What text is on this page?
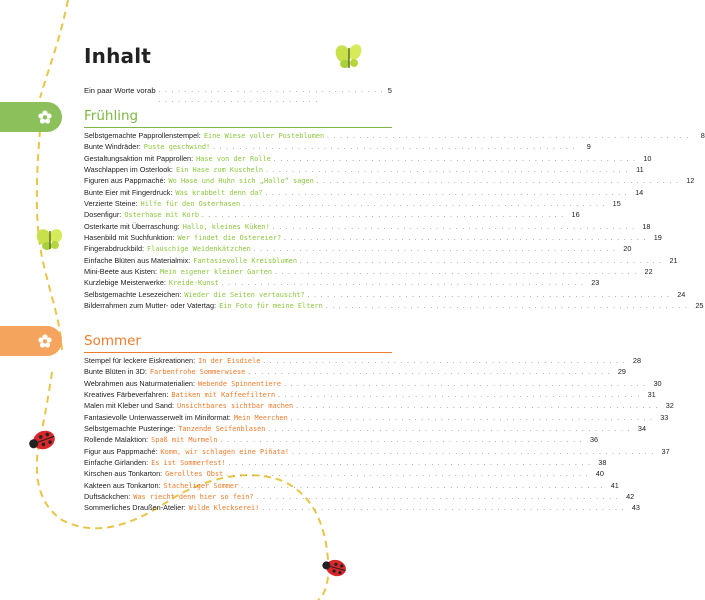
Inhalt
Ein paar Worte vorab . . . . . . . . . . . . . . . . . . . . . . . . . . . . . . . . . . . . . . . . . . . . . . . . . . . . . . . . . . . .
5
Frühling
Selbstgemachte Papprollenstempel: Eine Wiese voller Pusteblumen . . . . . . . . . . . . . . . . . . . . . . . . . . . . . . . . . . . . . . . . . . . . . . . . . . . . . . . .	8
Bunte Windräder: Puste geschwind! . . . . . . . . . . . . . . . . . . . . . . . . . . . . . . . . . . . . . . . . . . . . . . . . . . . . . . . .	9
Gestaltungsaktion mit Papprollen: Hase von der Rolle . . . . . . . . . . . . . . . . . . . . . . . . . . . . . . . . . . . . . . . . . . . . . . . . . . . . . . . . 10
Waschlappen im Osterlook: Ein Hase zum Kuscheln . . . . . . . . . . . . . . . . . . . . . . . . . . . . . . . . . . . . . . . . . . . . . . . . . . . . . . . .	11
Figuren aus Pappmaché: Wo Hase und Huhn sich „Hallo“ sagen . . . . . . . . . . . . . . . . . . . . . . . . . . . . . . . . . . . . . . . . . . . . . . . . . . . . . . . . 12
Bunte Eier mit Fingerdruck: Was krabbelt denn da? . . . . . . . . . . . . . . . . . . . . . . . . . . . . . . . . . . . . . . . . . . . . . . . . . . . . . . . . 14
Verzierte Steine: Hilfe für den Osterhasen . . . . . . . . . . . . . . . . . . . . . . . . . . . . . . . . . . . . . . . . . . . . . . . . . . . . . . . . 15
Dosenfigur: Osterhase mit Korb . . . . . . . . . . . . . . . . . . . . . . . . . . . . . . . . . . . . . . . . . . . . . . . . . . . . . . . . 16
Osterkarte mit Überraschung: Hallo, kleines Küken! . . . . . . . . . . . . . . . . . . . . . . . . . . . . . . . . . . . . . . . . . . . . . . . . . . . . . . . . 18
Hasenbild mit Suchfunktion: Wer findet die Ostereier? . . . . . . . . . . . . . . . . . . . . . . . . . . . . . . . . . . . . . . . . . . . . . . . . . . . . . . . . 19
Fingerabdruckbild: Flauschige Weidenkätzchen . . . . . . . . . . . . . . . . . . . . . . . . . . . . . . . . . . . . . . . . . . . . . . . . . . . . . . . . 20
Einfache Blüten aus Materialmix: Fantasievolle Kreisblumen . . . . . . . . . . . . . . . . . . . . . . . . . . . . . . . . . . . . . . . . . . . . . . . . . . . . . . . . 21
Mini-Beete aus Kisten: Mein eigener kleiner Garten . . . . . . . . . . . . . . . . . . . . . . . . . . . . . . . . . . . . . . . . . . . . . . . . . . . . . . . . 22
Kurzlebige Meisterwerke: Kreide-Kunst . . . . . . . . . . . . . . . . . . . . . . . . . . . . . . . . . . . . . . . . . . . . . . . . . . . . . . . . 23
Selbstgemachte Lesezeichen: Wieder die Seiten vertauscht? . . . . . . . . . . . . . . . . . . . . . . . . . . . . . . . . . . . . . . . . . . . . . . . . . . . . . . . . 24
Bilderrahmen zum Mutter- oder Vatertag: Ein Foto für meine Eltern . . . . . . . . . . . . . . . . . . . . . . . . . . . . . . . . . . . . . . . . . . . . . . . . . . . . . . . . 25
Sommer
Stempel für leckere Eiskreationen: In der Eisdiele . . . . . . . . . . . . . . . . . . . . . . . . . . . . . . . . . . . . . . . . . . . . . . . . . . . . . . . . 28
Bunte Blüten in 3D: Farbenfrohe Sommerwiese . . . . . . . . . . . . . . . . . . . . . . . . . . . . . . . . . . . . . . . . . . . . . . . . . . . . . . . . 29
Webrahmen aus Naturmaterialien: Webende Spinnentiere . . . . . . . . . . . . . . . . . . . . . . . . . . . . . . . . . . . . . . . . . . . . . . . . . . . . . . . . 30
Kreatives Färbeverfahren: Batiken mit Kaffeefiltern . . . . . . . . . . . . . . . . . . . . . . . . . . . . . . . . . . . . . . . . . . . . . . . . . . . . . . . . 31
Malen mit Kleber und Sand: Unsichtbares sichtbar machen . . . . . . . . . . . . . . . . . . . . . . . . . . . . . . . . . . . . . . . . . . . . . . . . . . . . . . . . 32
Fantasievolle Unterwasserwelt im Miniformat: Mein Meerchen . . . . . . . . . . . . . . . . . . . . . . . . . . . . . . . . . . . . . . . . . . . . . . . . . . . . . . . . 33
Selbstgemachte Pusteringe: Tanzende Seifenblasen . . . . . . . . . . . . . . . . . . . . . . . . . . . . . . . . . . . . . . . . . . . . . . . . . . . . . . . . 34
Rollende Malaktion: Spaß mit Murmeln . . . . . . . . . . . . . . . . . . . . . . . . . . . . . . . . . . . . . . . . . . . . . . . . . . . . . . . . 36
Figur aus Pappmaché: Komm, wir schlagen eine Piñata! . . . . . . . . . . . . . . . . . . . . . . . . . . . . . . . . . . . . . . . . . . . . . . . . . . . . . . . . 37
Einfache Girlanden: Es ist Sommerfest! . . . . . . . . . . . . . . . . . . . . . . . . . . . . . . . . . . . . . . . . . . . . . . . . . . . . . . . . 38
Kirschen aus Tonkarton: Gerolltes Obst . . . . . . . . . . . . . . . . . . . . . . . . . . . . . . . . . . . . . . . . . . . . . . . . . . . . . . . . 40
Kakteen aus Tonkarton: Stacheliger Sommer . . . . . . . . . . . . . . . . . . . . . . . . . . . . . . . . . . . . . . . . . . . . . . . . . . . . . . . . 41
Duftsäckchen: Was riecht denn hier so fein? . . . . . . . . . . . . . . . . . . . . . . . . . . . . . . . . . . . . . . . . . . . . . . . . . . . . . . . . 42
Sommerliches Draußen-Atelier: Wilde Kleckserei! . . . . . . . . . . . . . . . . . . . . . . . . . . . . . . . . . . . . . . . . . . . . . . . . . . . . . . . . 43
